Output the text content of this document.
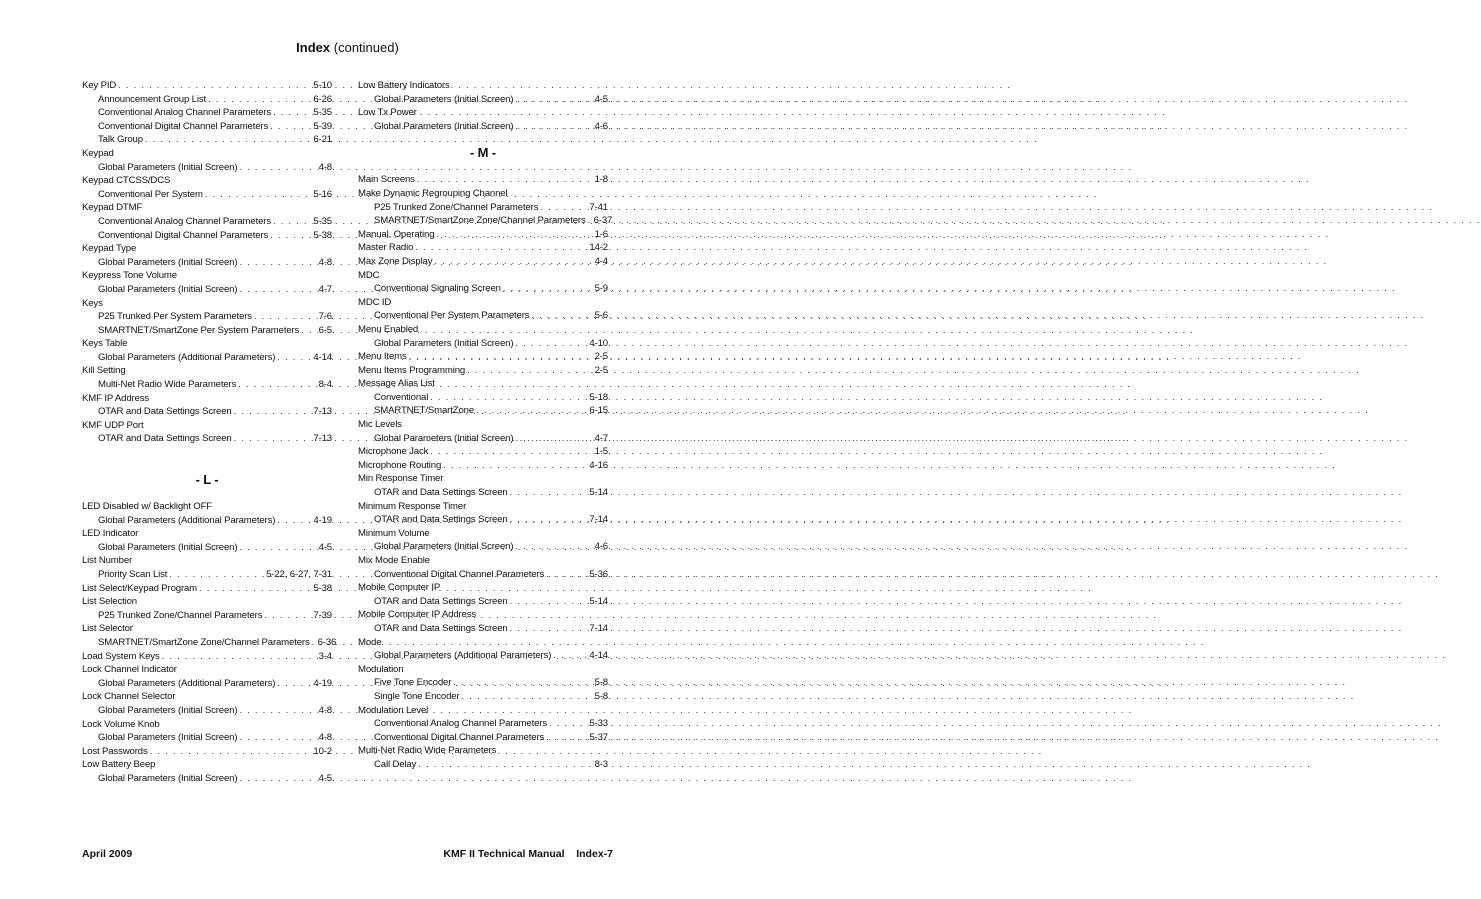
Index (continued)
Key PID . . .	5-10
Announcement Group List . . .	6-26
Conventional Analog Channel Parameters . . .	5-35
Conventional Digital Channel Parameters . . .	5-39
Talk Group . . .	6-21
Keypad
Global Parameters (Initial Screen) . . .	4-8
Keypad CTCSS/DCS
Conventional Per System . . .	5-16
Keypad DTMF
Conventional Analog Channel Parameters . . .	5-35
Conventional Digital Channel Parameters . . .	5-38
Keypad Type
Global Parameters (Initial Screen) . . .	4-8
Keypress Tone Volume
Global Parameters (Initial Screen) . . .	4-7
Keys
P25 Trunked Per System Parameters . . .	7-6
SMARTNET/SmartZone Per System Parameters . . . 6-5
Keys Table
Global Parameters (Additional Parameters) . . .	4-14
Kill Setting
Multi-Net Radio Wide Parameters . . .	8-4
KMF IP Address
OTAR and Data Settings Screen . . .	7-13
KMF UDP Port
OTAR and Data Settings Screen . . .	7-13
- L -
LED Disabled w/ Backlight OFF
Global Parameters (Additional Parameters) . . .	4-19
LED Indicator
Global Parameters (Initial Screen) . . .	4-5
List Number
Priority Scan List . . .	5-22, 6-27, 7-31
List Select/Keypad Program . . .	5-38
List Selection
P25 Trunked Zone/Channel Parameters . . .	7-39
List Selector
SMARTNET/SmartZone Zone/Channel Parameters . . . 6-36
Load System Keys . . .	3-4
Lock Channel Indicator
Global Parameters (Additional Parameters) . . .	4-19
Lock Channel Selector
Global Parameters (Initial Screen) . . .	4-8
Lock Volume Knob
Global Parameters (Initial Screen) . . .	4-8
Lost Passwords . . .	10-2
Low Battery Beep
Global Parameters (Initial Screen) . . .	4-5
Low Battery Indicators
Global Parameters (Initial Screen) . . .	4-5
Low Tx Power
Global Parameters (Initial Screen) . . .	4-6
- M -
Main Screens . . .	1-8
Make Dynamic Regrouping Channel
P25 Trunked Zone/Channel Parameters . . .	7-41
SMARTNET/SmartZone Zone/Channel Parameters . . . 6-37
Manual, Operating . . .	1-6
Master Radio . . .	14-2
Max Zone Display . . .	4-4
MDC
Conventional Signaling Screen . . .	5-9
MDC ID
Conventional Per System Parameters . . .	5-6
Menu Enabled
Global Parameters (Initial Screen) . . .	4-10
Menu Items . . .	2-5
Menu Items Programming . . .	2-5
Message Alias List
Conventional . . .	5-18
SMARTNET/SmartZone . . .	6-15
Mic Levels
Global Parameters (Initial Screen) . . .	4-7
Microphone Jack . . .	1-5
Microphone Routing . . .	4-16
Min Response Timer
OTAR and Data Settings Screen . . .	5-14
Minimum Response Timer
OTAR and Data Settings Screen . . .	7-14
Minimum Volume
Global Parameters (Initial Screen) . . .	4-6
Mix Mode Enable
Conventional Digital Channel Parameters . . .	5-36
Mobile Computer IP
OTAR and Data Settings Screen . . .	5-14
Mobile Computer IP Address
OTAR and Data Settings Screen . . .	7-14
Mode
Global Parameters (Additional Parameters) . . .	4-14
Modulation
Five Tone Encoder . . .	5-8
Single Tone Encoder . . .	5-8
Modulation Level
Conventional Analog Channel Parameters . . .	5-33
Conventional Digital Channel Parameters . . .	5-37
Multi-Net Radio Wide Parameters
Call Delay . . .	8-3
April 2009	KMF II Technical Manual    Index-7
